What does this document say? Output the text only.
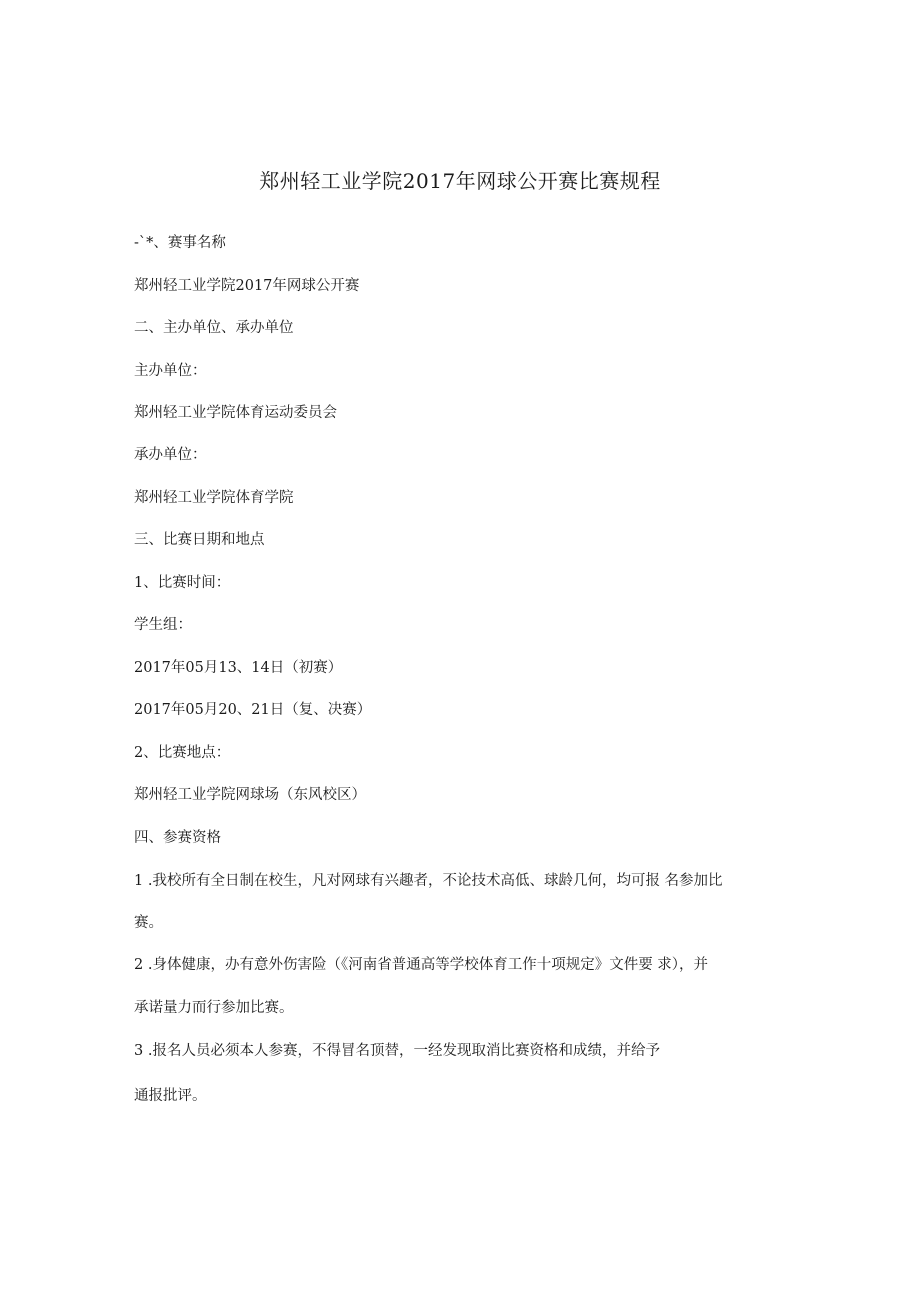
郑州轻工业学院2017年网球公开赛比赛规程
-`*、赛事名称
郑州轻工业学院2017年网球公开赛
二、主办单位、承办单位
主办单位：
郑州轻工业学院体育运动委员会
承办单位：
郑州轻工业学院体育学院
三、比赛日期和地点
1、比赛时间：
学生组：
2017年05月13、14日（初赛）
2017年05月20、21日（复、决赛）
2、比赛地点：
郑州轻工业学院网球场（东风校区）
四、参赛资格
1 .我校所有全日制在校生，凡对网球有兴趣者，不论技术高低、球龄几何，均可报 名参加比
赛。
2 .身体健康，办有意外伤害险（《河南省普通高等学校体育工作十项规定》文件要 求），并
承诺量力而行参加比赛。
3 .报名人员必须本人参赛，不得冒名顶替，一经发现取消比赛资格和成绩，并给予
通报批评。
